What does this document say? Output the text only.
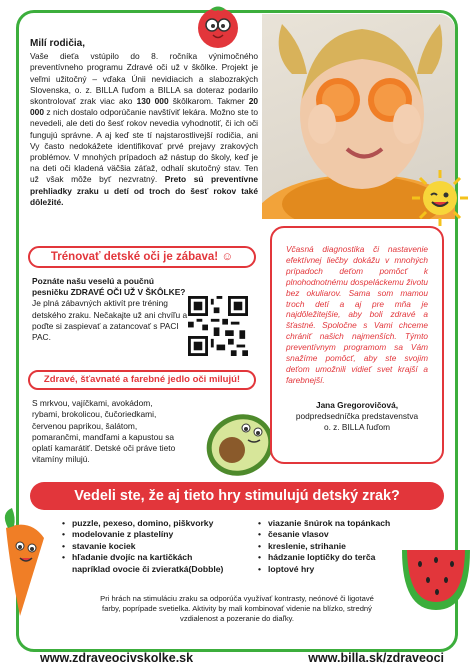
Milí rodičia,
Vaše dieťa vstúpilo do 8. ročníka výnimočného preventívneho programu Zdravé oči už v škôlke. Projekt je veľmi užitočný – vďaka Únii nevidiacich a slabozrakých Slovenska, o. z. BILLA ľuďom a BILLA sa doteraz podarilo skontrolovať zrak viac ako 130 000 škôlkarom. Takmer 20 000 z nich dostalo odporúčanie navštíviť lekára. Možno ste to nevedeli, ale deti do šesť rokov nevedia vyhodnotiť, či ich oči fungujú správne. A aj keď ste tí najstarostlivejší rodičia, ani Vy často nedokážete identifikovať prvé prejavy zrakových problémov. V mnohých prípadoch až nástup do školy, keď je na deti oči kladená väčšia záťaž, odhalí skutočný stav. Ten už však môže byť nezvratný. Preto sú preventívne prehliadky zraku u detí od troch do šesť rokov také dôležité.
Trénovať detské oči je zábava! ☺
Poznáte našu veselú a poučnú pesničku ZDRAVÉ OČI UŽ V ŠKÔLKE? Je plná zábavných aktivít pre tréning detského zraku. Nečakajte už ani chvíľu a poďte si zaspievať a zatancovať s PACI PAC.
Zdravé, šťavnaté a farebné jedlo oči milujú!
S mrkvou, vajíčkami, avokádom, rybami, brokolicou, čučoriedkami, červenou paprikou, šalátom, pomarančmi, mandľami a kapustou sa oplatí kamarátiť. Detské oči práve tieto vitamíny milujú.
Včasná diagnostika či nastavenie efektívnej liečby dokážu v mnohých prípadoch deťom pomôcť k plnohodnotnému dospeláckemu životu bez okuliarov. Sama som mamou troch detí a aj pre mňa je najdôležitejšie, aby boli zdravé a šťastné. Spoločne s Vami chceme chrániť našich najmenších. Týmto preventívnym programom sa Vám snažíme pomôcť, aby ste svojim deťom umožnili vidieť svet krajší a farebnejší.
Jana Gregorovičová,
podpredsedníčka predstavenstva
o. z. BILLA ľuďom
Vedeli ste, že aj tieto hry stimulujú detský zrak?
• puzzle, pexeso, domino, piškvorky
• modelovanie z plastelíny
• stavanie kociek
• hľadanie dvojíc na kartičkách
napríklad ovocie či zvieratká(Dobble)
• viazanie šnúrok na topánkach
• česanie vlasov
• kreslenie, strihanie
• hádzanie loptičky do terča
• loptové hry
Pri hrách na stimuláciu zraku sa odporúča využívať kontrasty, neónové či ligotavé farby, poprípade svetielka. Aktivity by mali kombinovať videnie na blízko, stredný vzdialenost a pozeranie do diaľky.
www.zdraveocivskolke.sk	www.billa.sk/zdraveoci
